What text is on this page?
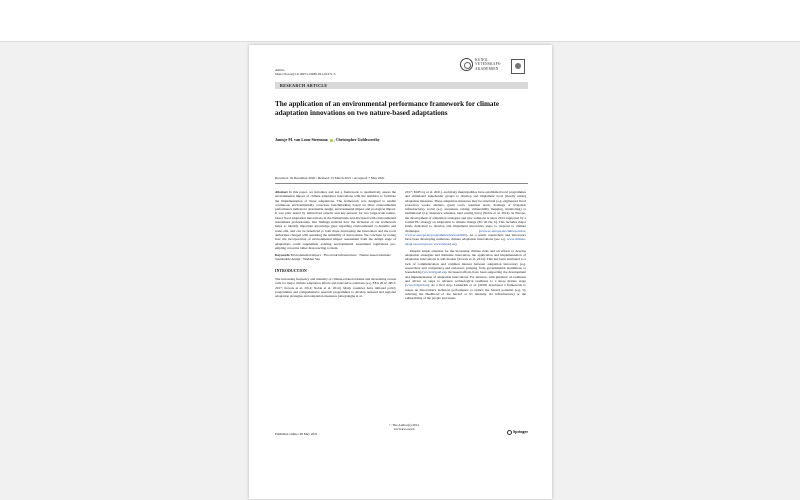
Ambio
https://doi.org/10.1007/s13280-021-01571-5
KUNGL.
VETENSKAPS-
AKADEMIEN
RESEARCH ARTICLE
The application of an environmental performance framework for climate adaptation innovations on two nature-based adaptations
Jantsje M. van Loon-Steensma , Christopher Goldsworthy
Received: 18 December 2020 / Revised: 15 March 2021 / Accepted: 7 May 2021

Abstract In this paper, we introduce and test a framework to qualitatively assess the environmental impact of climate adaptation innovations with the ambition to facilitate the implementation of these adaptations. The framework was designed to enable continuous environmentally conscious benchmarking based on three environmental performance indicators: sustainable design, environmental impact and ecological impact. It was pilot tested by uninvolved experts and key-persons for two large-scale nature-based flood adaptation innovations in the Netherlands and discussed with environmental assessment professionals. Our findings indicate how the inclusion of our framework helps to identify important knowledge gaps regarding environmental co-benefits and trade-offs, and can be beneficial to both those developing the innovation and the local authorities charged with assessing the suitability of innovations. We conclude by noting how the incorporation of environmental impact assessment from the design stage of adaptations could supplement existing environmental assessment regulations pre-empting concerns rather than reacting to them.

Keywords Environmental impact · Flood risk infrastructure · Nature-based solutions · Sustainable design · Wadden Sea

INTRODUCTION

The increasing frequency and intensity of climate-related extreme and devastating events calls for major climate adaptation efforts and innovative solutions (e.g. EEA 2012; IPCC 2017; Kovats et al. 2014; Noble et al. 2014). Many countries have initiated policy programmes and comprehensive research programmes to develop national and regional adaptation strategies and adaptation measures (Abeysinghe et al.

2017; McEvoy et al. 2021), and many municipalities have established local programmes and stimulated stakeholder groups to develop and implement local (mostly urban) adaptation measures. These adaptation measures may be structural (e.g. engineered flood protection works, shelters, green roofs, retention areas, drainage or irrigation infrastructure), social (e.g. awareness raising, vulnerability mapping, monitoring) or institutional (e.g. insurance schemes, land zoning laws) (Noble et al. 2014). In Europe, the development of adaptation strategies and new solutions is since 2013 supported by a formal EU strategy on adaptation to climate change (EC 2013a, b). This includes major funds dedicated to develop and implement innovative steps to respond to climate challenges (www.ec.europa.eu/clima/policies, www.ec.europa.eu/programmes/horizon2020). As a result, researchers and innovators have been developing numerous climate adaptation innovations (see e.g. www.climate-adapt.eea.europa.eu; www.brigaid.eu).

Despite ample attention for the increasing climate risks and all efforts to develop adaptation strategies and stimulate innovation, the application and implementation of adaptation innovations is still modest (Kovats et al. 2014). This has been attributed to a lack of communication and common interest between adaptation innovators (e.g. researchers and companies) and end-users (ranging from governmental institutions to households) (www.brigaid.eu). Increased efforts have been supporting the development and implementation of adaptation innovations. For instance, with guidance on readiness and advice on steps to advance technological readiness to a more mature stage (www.brigaid.eu). As a first step, Lenderink et al. (2018) developed a framework to assess an innovation's technical performance to reduce the hazard potential (e.g. by reducing the likelihood of the hazard or its intensity via infrastructure) or the vulnerability of the people and assets

© The Author(s) 2021
www.kva.se/en
Published online: 28 May 2021	Springer
